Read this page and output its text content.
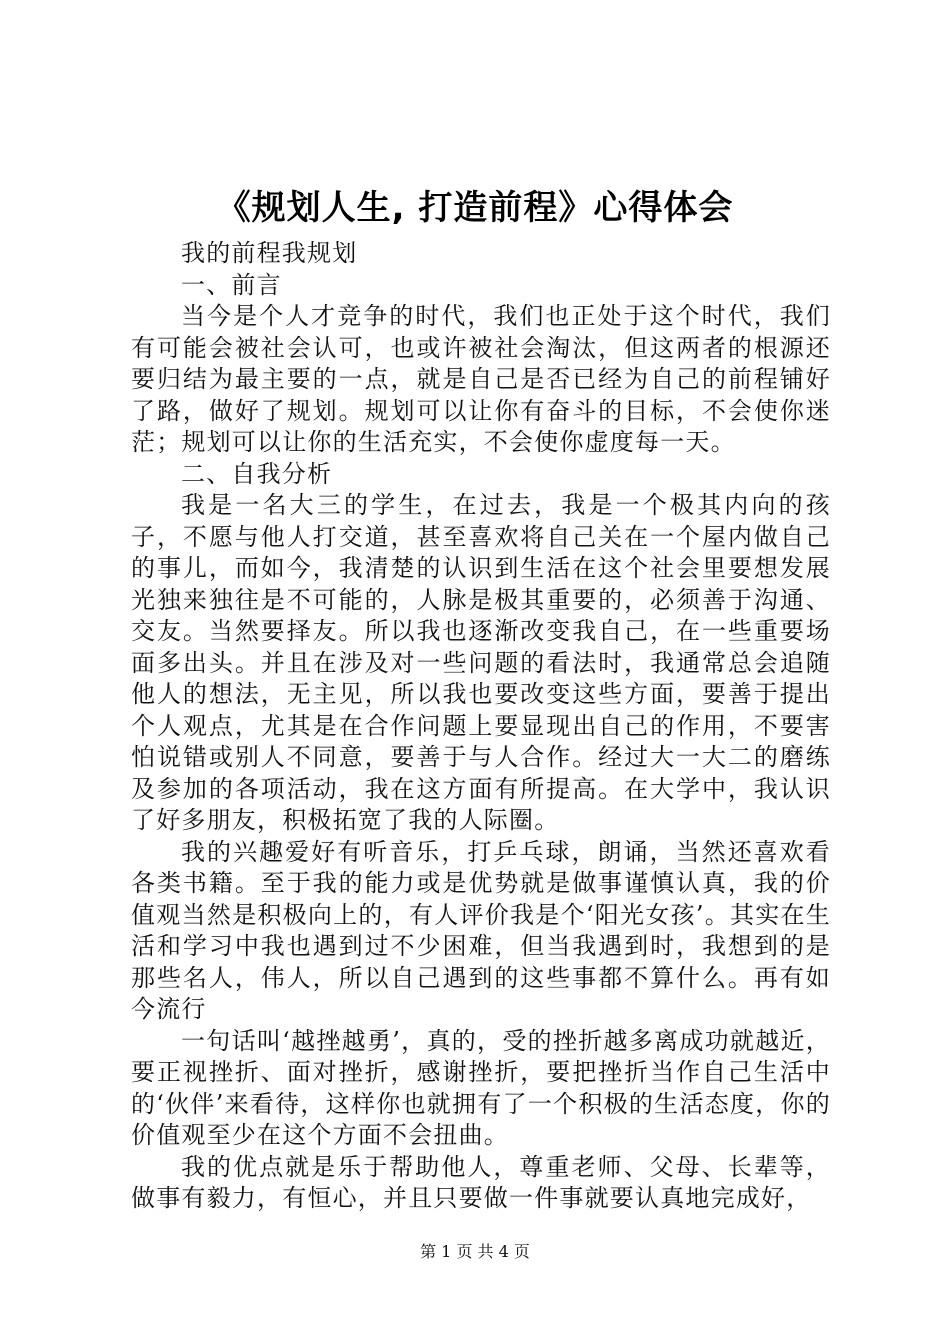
《规划人生, 打造前程》心得体会

我的前程我规划

一、前言

当今是个人才竞争的时代，我们也正处于这个时代，我们有可能会被社会认可，也或许被社会淘汰，但这两者的根源还要归结为最主要的一点，就是自己是否已经为自己的前程铺好了路，做好了规划。规划可以让你有奋斗的目标，不会使你迷茫；规划可以让你的生活充实，不会使你虚度每一天。

二、自我分析

我是一名大三的学生，在过去，我是一个极其内向的孩子，不愿与他人打交道，甚至喜欢将自己关在一个屋内做自己的事儿，而如今，我清楚的认识到生活在这个社会里要想发展光独来独往是不可能的，人脉是极其重要的，必须善于沟通、交友。当然要择友。所以我也逐渐改变我自己，在一些重要场面多出头。并且在涉及对一些问题的看法时，我通常总会追随他人的想法，无主见，所以我也要改变这些方面，要善于提出个人观点，尤其是在合作问题上要显现出自己的作用，不要害怕说错或别人不同意，要善于与人合作。经过大一大二的磨练及参加的各项活动，我在这方面有所提高。在大学中，我认识了好多朋友，积极拓宽了我的人际圈。

我的兴趣爱好有听音乐，打乒乓球，朗诵，当然还喜欢看各类书籍。至于我的能力或是优势就是做事谨慎认真，我的价值观当然是积极向上的，有人评价我是个‘阳光女孩’。其实在生活和学习中我也遇到过不少困难，但当我遇到时，我想到的是那些名人，伟人，所以自己遇到的这些事都不算什么。再有如今流行

一句话叫‘越挫越勇’，真的，受的挫折越多离成功就越近，要正视挫折、面对挫折，感谢挫折，要把挫折当作自己生活中的‘伙伴’来看待，这样你也就拥有了一个积极的生活态度，你的价值观至少在这个方面不会扭曲。

我的优点就是乐于帮助他人，尊重老师、父母、长辈等，做事有毅力，有恒心，并且只要做一件事就要认真地完成好，

第 1 页 共 4 页
